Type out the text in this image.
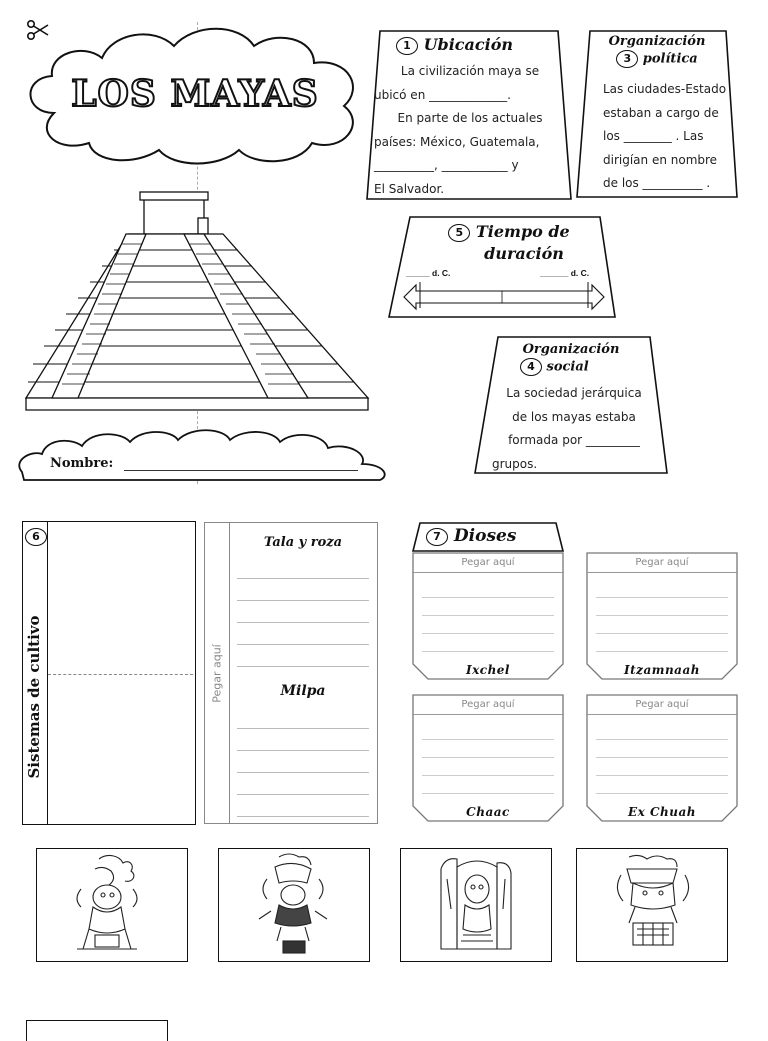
LOS MAYAS
Nombre:
1 Ubicación
La civilización maya se
ubicó en _____________.
En parte de los actuales
países: México, Guatemala,
__________, ___________ y
El Salvador.
Organización
3 política
Las ciudades-Estado
estaban a cargo de
los ________ . Las
dirigían en nombre
de los __________ .
5 Tiempo de
duración
_____ d. C.	______ d. C.
Organización
4 social
La sociedad jerárquica
de los mayas estaba
formada por _________
grupos.
6
Sistemas de cultivo	Pegar aquí
Tala y roza
Milpa
7 Dioses
Pegar aquí
Ixchel
Pegar aquí
Itzamnaah
Pegar aquí
Chaac
Pegar aquí
Ex Chuah
